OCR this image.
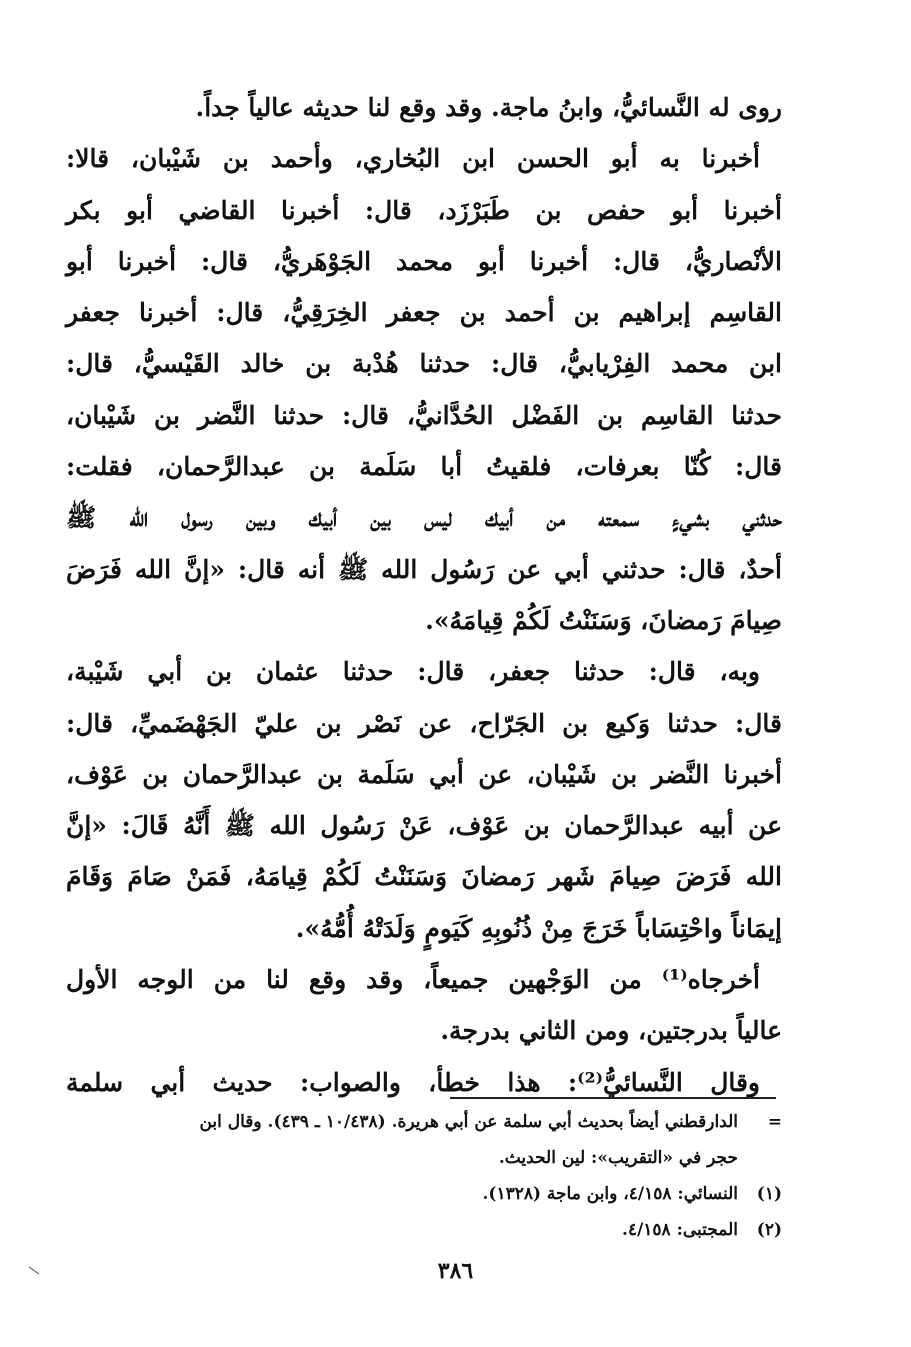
روى له النَّسائيُّ، وابنُ ماجة. وقد وقع لنا حديثه عالياً جداً.
أخبرنا به أبو الحسن ابن البُخاري، وأحمد بن شَيْبان، قالا:
أخبرنا أبو حفص بن طَبَرْزَد، قال: أخبرنا القاضي أبو بكر
الأنْصاريُّ، قال: أخبرنا أبو محمد الجَوْهَريُّ، قال: أخبرنا أبو
القاسِم إبراهيم بن أحمد بن جعفر الخِرَقِيُّ، قال: أخبرنا جعفر
ابن محمد الفِرْيابيُّ، قال: حدثنا هُدْبة بن خالد القَيْسيُّ، قال:
حدثنا القاسِم بن الفَضْل الحُدَّانيُّ، قال: حدثنا النَّضر بن شَيْبان،
قال: كُنّا بعرفات، فلقيتُ أبا سَلَمة بن عبدالرَّحمان، فقلت:
حدثني بشيءٍ سمعته من أبيك ليس بين أبيك وبين رسول الله ﷺ
أحدٌ، قال: حدثني أبي عن رَسُول الله ﷺ أنه قال: «إنَّ الله فَرَضَ
صِيامَ رَمضانَ، وَسَنَنْتُ لَكُمْ قِيامَهُ».
وبه، قال: حدثنا جعفر، قال: حدثنا عثمان بن أبي شَيْبة،
قال: حدثنا وَكيع بن الجَرّاح، عن نَصْر بن عليّ الجَهْضَميِّ، قال:
أخبرنا النَّضر بن شَيْبان، عن أبي سَلَمة بن عبدالرَّحمان بن عَوْف،
عن أبيه عبدالرَّحمان بن عَوْف، عَنْ رَسُول الله ﷺ أَنَّهُ قَالَ: «إنَّ
الله فَرَضَ صِيامَ شَهر رَمضانَ وَسَنَنْتُ لَكُمْ قِيامَهُ، فَمَنْ صَامَ وَقَامَ
إيمَاناً واحْتِسَاباً خَرَجَ مِنْ ذُنُوبِهِ كَيَومٍ وَلَدَتْهُ أُمُّهُ».
أخرجاه⁽¹⁾ من الوَجْهين جميعاً، وقد وقع لنا من الوجه الأول
عالياً بدرجتين، ومن الثاني بدرجة.
وقال النَّسائيُّ⁽²⁾: هذا خطأ، والصواب: حديث أبي سلمة
=
الدارقطني أيضاً بحديث أبي سلمة عن أبي هريرة. (١٠/٤٣٨ ـ ٤٣٩). وقال ابن
حجر في «التقريب»: لين الحديث.
(١)
النسائي: ٤/١٥٨، وابن ماجة (١٣٢٨).
(٢)
المجتبى: ٤/١٥٨.
٣٨٦
